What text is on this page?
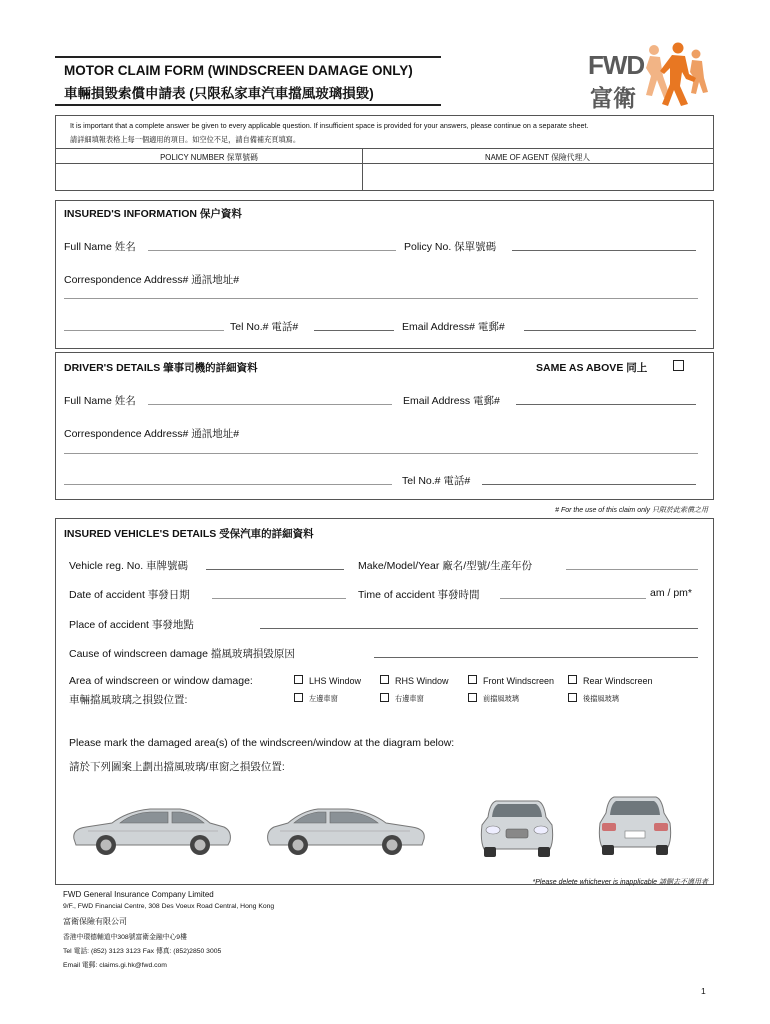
MOTOR CLAIM FORM (WINDSCREEN DAMAGE ONLY)
車輛損毀索償申請表 (只限私家車汽車擋風玻璃損毀)
FWD
富衛
It is important that a complete answer be given to every applicable question. If insufficient space is provided for your answers, please continue on a separate sheet.
請詳細填報表格上每一個適用的項目。如空位不足，請自備補充頁填寫。
POLICY NUMBER 保單號碼	NAME OF AGENT 保險代理人
INSURED'S INFORMATION 保户資料
Full Name 姓名	Policy No. 保單號碼
Correspondence Address# 通訊地址#
Tel No.# 電話#	Email Address# 電郵#
DRIVER'S DETAILS 肇事司機的詳細資料	SAME AS ABOVE 同上
Full Name 姓名	Email Address 電郵#
Correspondence Address# 通訊地址#
Tel No.# 電話#
# For the use of this claim only 只限於此索償之用
INSURED VEHICLE'S DETAILS 受保汽車的詳細資料
Vehicle reg. No. 車牌號碼	Make/Model/Year 廠名/型號/生產年份
Date of accident 事發日期	Time of accident 事發時間	am / pm*
Place of accident 事發地點
Cause of windscreen damage 擋風玻璃損毀原因
Area of windscreen or window damage:
車輛擋風玻璃之損毀位置:
LHS Window
左邊車窗
RHS Window
右邊車窗
Front Windscreen
前擋風玻璃
Rear Windscreen
後擋風玻璃
Please mark the damaged area(s) of the windscreen/window at the diagram below:
請於下列圖案上劃出擋風玻璃/車窗之損毀位置:
*Please delete whichever is inapplicable 請刪去不適用者
FWD General Insurance Company Limited
9/F., FWD Financial Centre, 308 Des Voeux Road Central, Hong Kong
富衛保險有限公司
香港中環德輔道中308號富衛金融中心9樓
Tel 電話: (852) 3123 3123 Fax 傳真: (852)2850 3005
Email 電郵: claims.gi.hk@fwd.com
1
